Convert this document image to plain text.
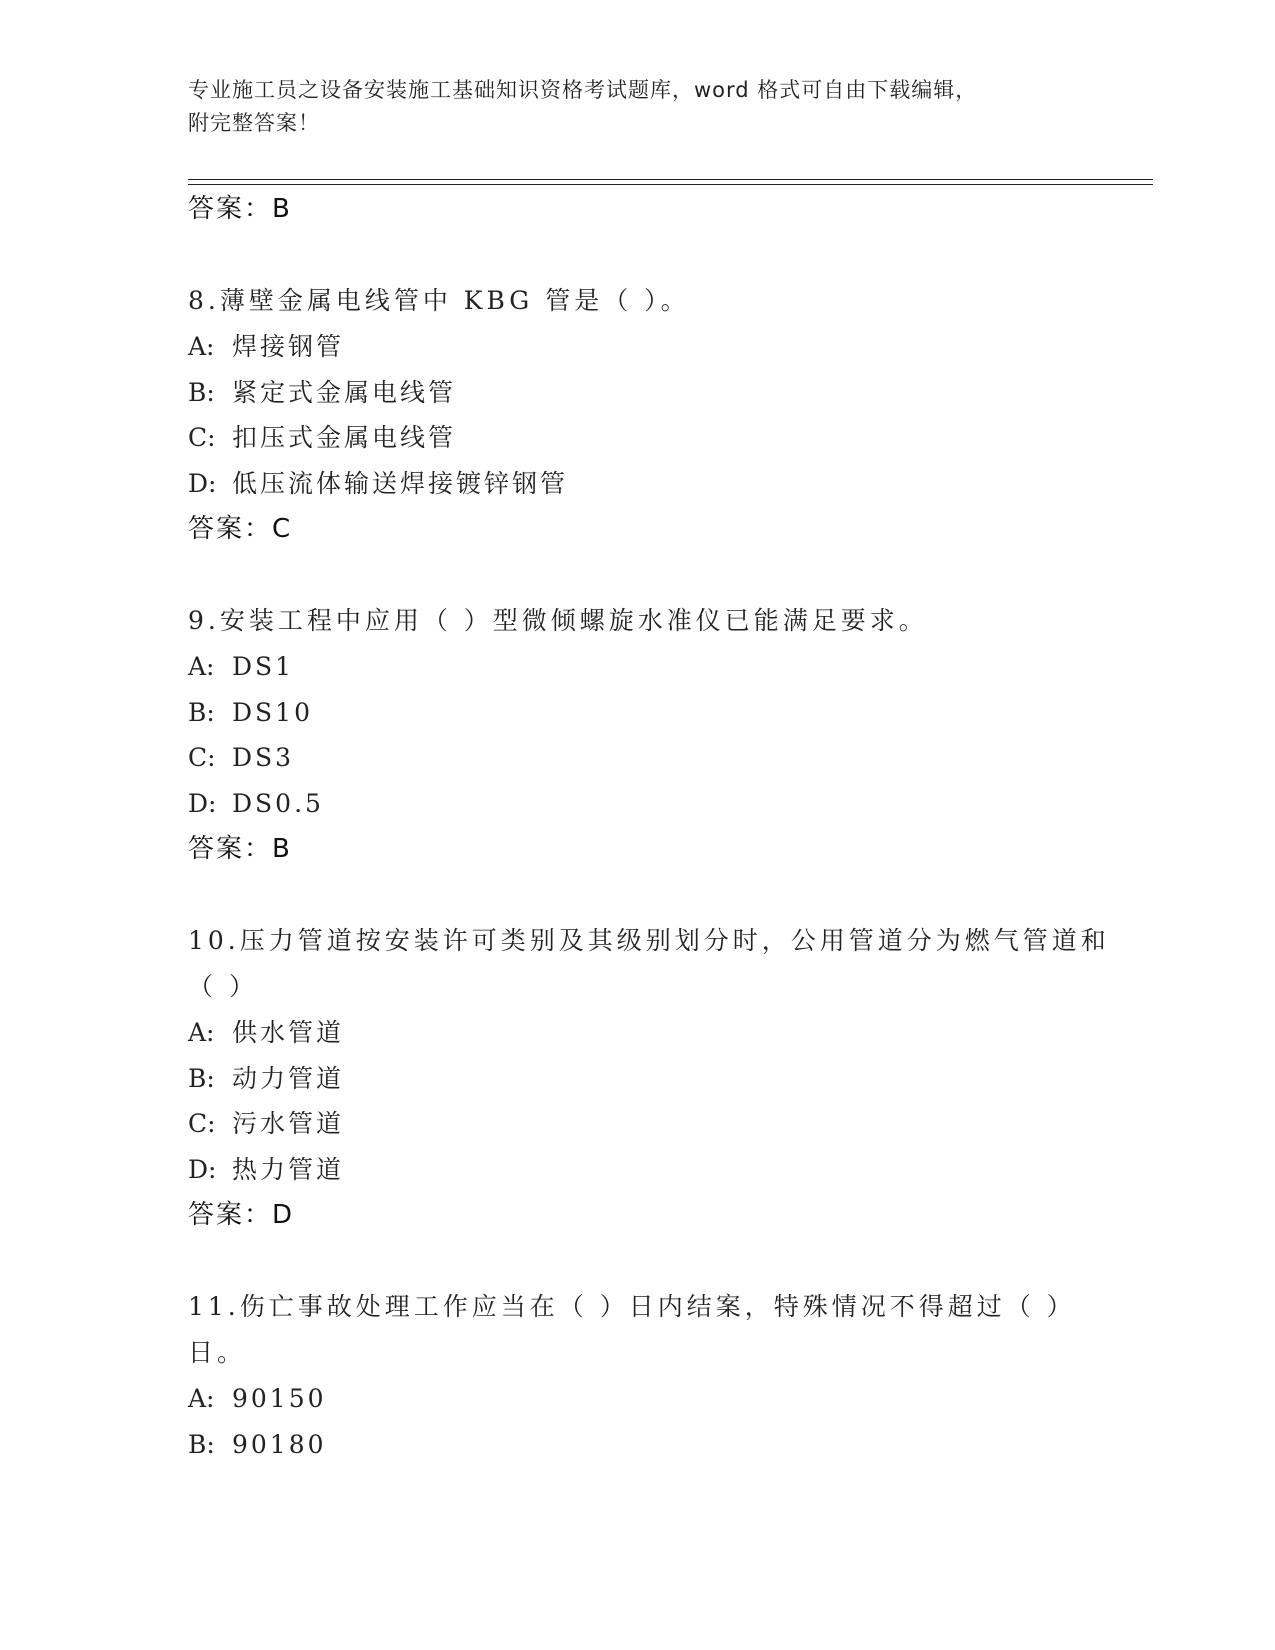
专业施工员之设备安装施工基础知识资格考试题库，word 格式可自由下载编辑，
附完整答案！
答案：B
8.薄壁金属电线管中 KBG 管是（ ）。
A: 焊接钢管
B: 紧定式金属电线管
C: 扣压式金属电线管
D: 低压流体输送焊接镀锌钢管
答案：C
9.安装工程中应用（ ）型微倾螺旋水准仪已能满足要求。
A: DS1
B: DS10
C: DS3
D: DS0.5
答案：B
10.压力管道按安装许可类别及其级别划分时，公用管道分为燃气管道和（ ）
A: 供水管道
B: 动力管道
C: 污水管道
D: 热力管道
答案：D
11.伤亡事故处理工作应当在（ ）日内结案，特殊情况不得超过（ ）日。
A: 90150
B: 90180
